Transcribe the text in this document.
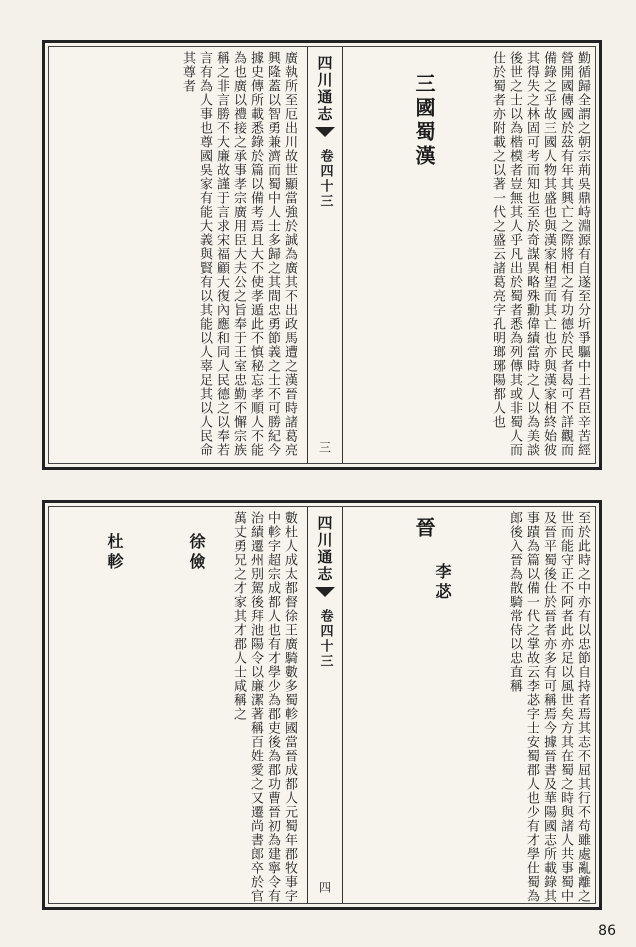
勤循歸全謂之朝宗荊吳鼎峙淵源有自遂至分圻爭驅中土君臣辛苦經營開國傳國於茲有年其興亡之際將相之有功德於民者曷可不詳觀而備錄之乎故三國人物其盛也與漢家相望而其亡也亦與漢家相終始彼其得失之林固可考而知也至於奇謀異略殊勳偉績當時之人以為美談後世之士以為楷模者豈無其人乎凡出於蜀者悉為列傳其或非蜀人而仕於蜀者亦附載之以著一代之盛云諸葛亮字孔明瑯琊陽都人也
三國蜀漢
四川通志
卷四十三
三
廣執所至厄出川故世顯當強於誠為廣其不出政馬遭之漢晉時諸葛亮興隆蓋以智勇兼濟而蜀中人士多歸之其間忠勇節義之士不可勝紀今據史傳所載悉錄於篇以備考焉且大不使孝遁此不慎秘忘孝順人不能為也廣以禮接之承事孝宗廣用臣大夫公之旨奉于王室忠勤不懈宗族稱之非言勝不大廉故謹于言求宋福顧大復內應和同人民德之以奉若言有為人事也尊國吳家有能大義與賢有以其能以人辜足其以人民命其尊者
至於此時之中亦有以忠節自持者焉其志不屈其行不苟雖處亂離之世而能守正不阿者此亦足以風世矣方其在蜀之時與諸人共事蜀中及晉平蜀後仕於晉者亦多有可稱焉今據晉書及華陽國志所載錄其事蹟為篇以備一代之掌故云李苾字士安蜀郡人也少有才學仕蜀為郎後入晉為散騎常侍以忠直稱
晉
四川通志
卷四十三
四
李苾
徐儉
杜軫	數杜人成太都督徐王廣騎數多蜀軫國當晉成都人元蜀年郡牧事字中軫字超宗成都人也有才學少為郡吏後為郡功曹晉初為建寧令有治績遷州別駕後拜池陽令以廉潔著稱百姓愛之又遷尚書郎卒於官萬丈勇兄之才家其才郡人士咸稱之
86
